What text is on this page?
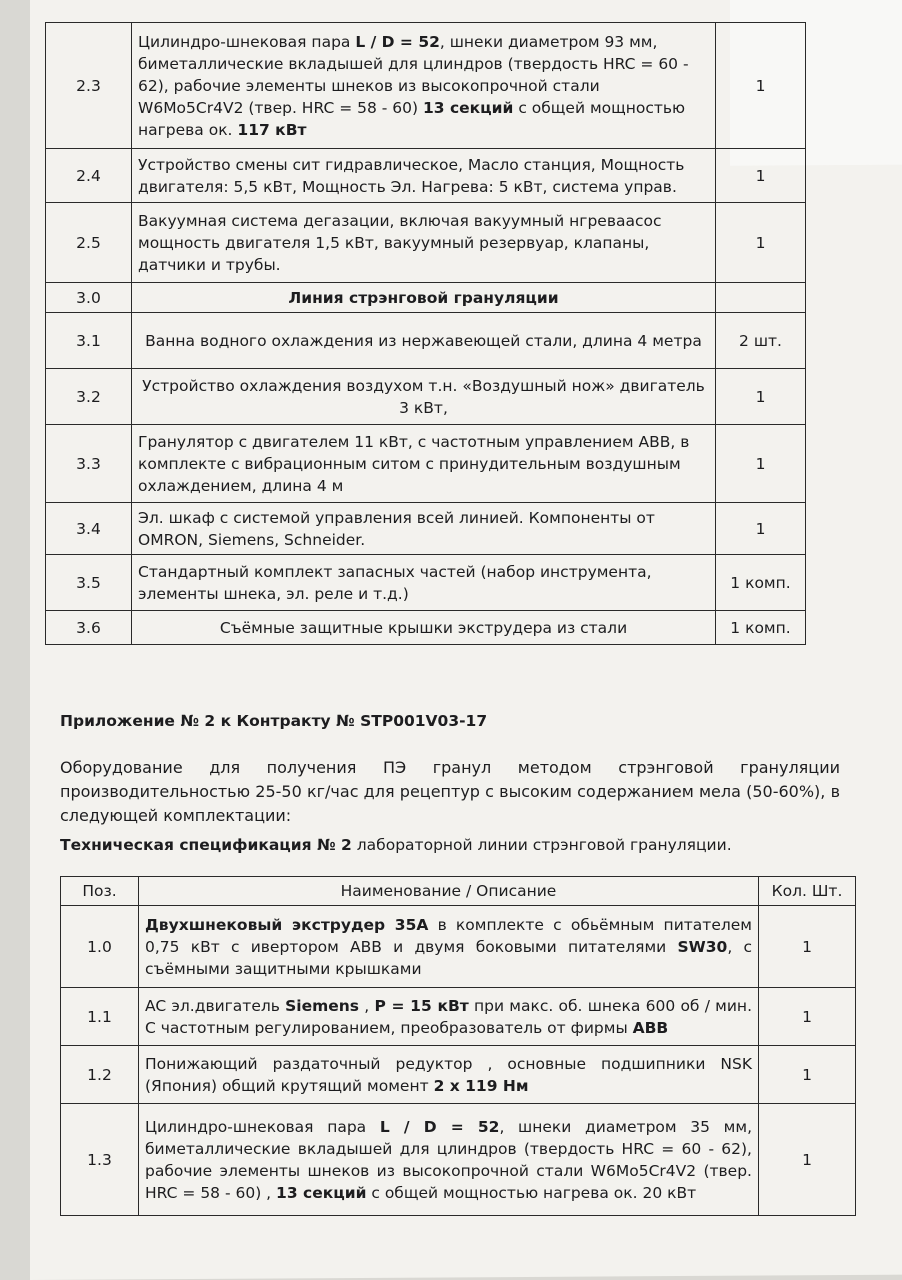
2.3	Цилиндро-шнековая пара L / D = 52, шнеки диаметром 93 мм, биметаллические вкладышей для цлиндров (твердость HRC = 60 - 62), рабочие элементы шнеков из высокопрочной стали W6Mo5Cr4V2 (твер. HRC = 58 - 60) 13 секций с общей мощностью нагрева ок. 117 кВт	1
2.4	Устройство смены сит гидравлическое, Масло станция, Мощность двигателя: 5,5 кВт, Мощность Эл. Нагрева: 5 кВт, система управ.	1
2.5	Вакуумная система дегазации, включая вакуумный нгреваасос мощность двигателя 1,5 кВт, вакуумный резервуар, клапаны, датчики и трубы.	1
3.0	Линия стрэнговой грануляции	
3.1	Ванна водного охлаждения из нержавеющей стали, длина 4 метра	2 шт.
3.2	Устройство охлаждения воздухом т.н. «Воздушный нож» двигатель 3 кВт,	1
3.3	Гранулятор с двигателем 11 кВт, с частотным управлением ABB, в комплекте с вибрационным ситом с принудительным воздушным охлаждением, длина 4 м	1
3.4	Эл. шкаф с системой управления всей линией. Компоненты от OMRON, Siemens, Schneider.	1
3.5	Стандартный комплект запасных частей (набор инструмента, элементы шнека, эл. реле и т.д.)	1 комп.
3.6	Съёмные защитные крышки экструдера из стали	1 комп.
Приложение № 2 к Контракту № STP001V03-17
Оборудование для получения ПЭ гранул методом стрэнговой грануляции производительностью 25-50 кг/час для рецептур с высоким содержанием мела (50-60%), в следующей комплектации:
Техническая спецификация № 2 лабораторной линии стрэнговой грануляции.
Поз.	Наименование / Описание	Кол. Шт.
1.0	Двухшнековый экструдер 35А в комплекте с обьёмным питателем 0,75 кВт с ивертором ABB и двумя боковыми питателями SW30, с съёмными защитными крышками	1
1.1	AC эл.двигатель Siemens , P = 15 кВт при макс. об. шнека 600 об / мин. С частотным регулированием, преобразователь от фирмы ABB	1
1.2	Понижающий раздаточный редуктор , основные подшипники NSK (Япония) общий крутящий момент 2 x 119 Нм	1
1.3	Цилиндро-шнековая пара L / D = 52, шнеки диаметром 35 мм, биметаллические вкладышей для цлиндров (твердость HRC = 60 - 62), рабочие элементы шнеков из высокопрочной стали W6Mo5Cr4V2 (твер. HRC = 58 - 60) , 13 секций с общей мощностью нагрева ок. 20 кВт	1
